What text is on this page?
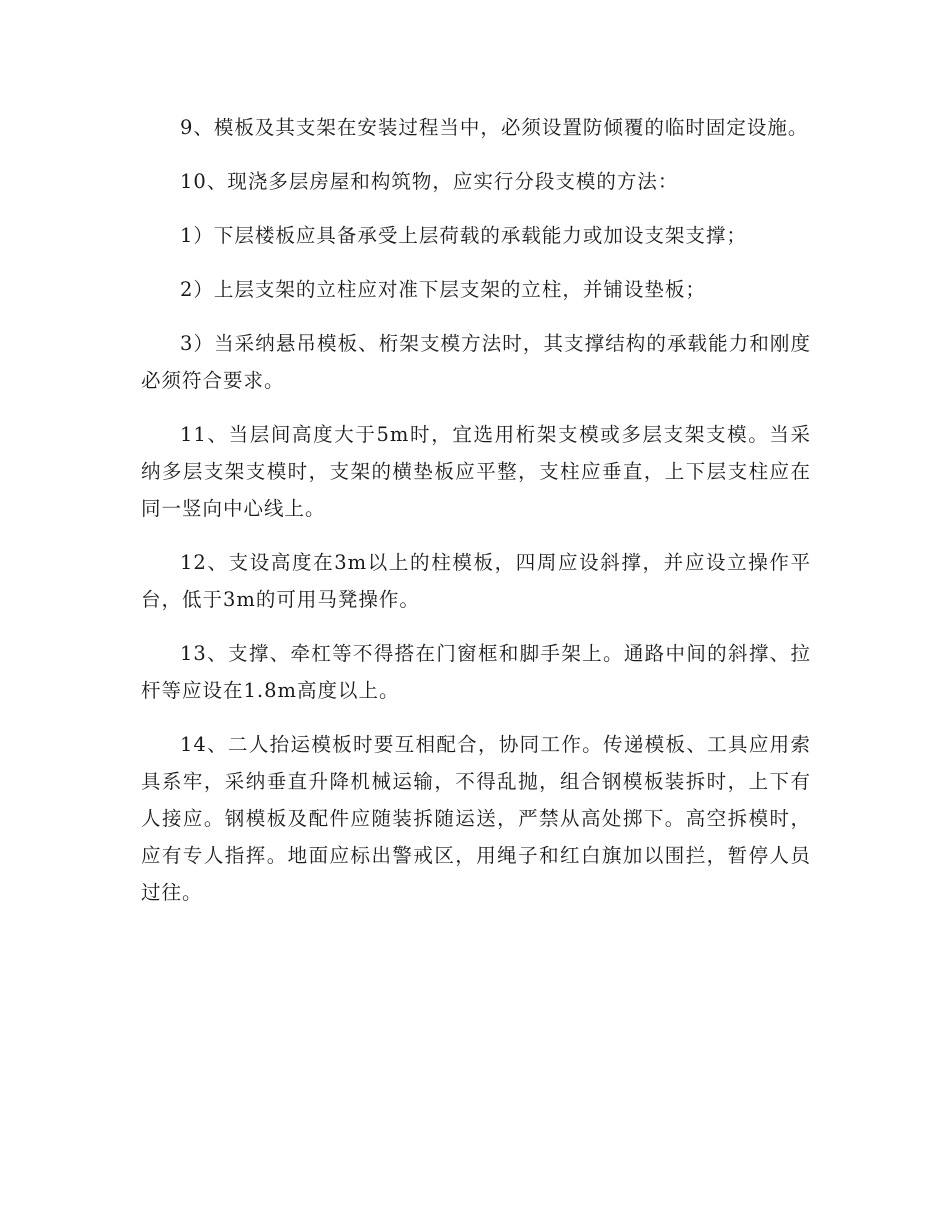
9、模板及其支架在安装过程当中，必须设置防倾覆的临时固定设施。

10、现浇多层房屋和构筑物，应实行分段支模的方法：

1）下层楼板应具备承受上层荷载的承载能力或加设支架支撑；

2）上层支架的立柱应对准下层支架的立柱，并铺设垫板；

3）当采纳悬吊模板、桁架支模方法时，其支撑结构的承载能力和刚度必须符合要求。

11、当层间高度大于5m时，宜选用桁架支模或多层支架支模。当采纳多层支架支模时，支架的横垫板应平整，支柱应垂直，上下层支柱应在同一竖向中心线上。

12、支设高度在3m以上的柱模板，四周应设斜撑，并应设立操作平台，低于3m的可用马凳操作。

13、支撑、牵杠等不得搭在门窗框和脚手架上。通路中间的斜撑、拉杆等应设在1.8m高度以上。

14、二人抬运模板时要互相配合，协同工作。传递模板、工具应用索具系牢，采纳垂直升降机械运输，不得乱抛，组合钢模板装拆时，上下有人接应。钢模板及配件应随装拆随运送，严禁从高处掷下。高空拆模时，应有专人指挥。地面应标出警戒区，用绳子和红白旗加以围拦，暂停人员过往。
